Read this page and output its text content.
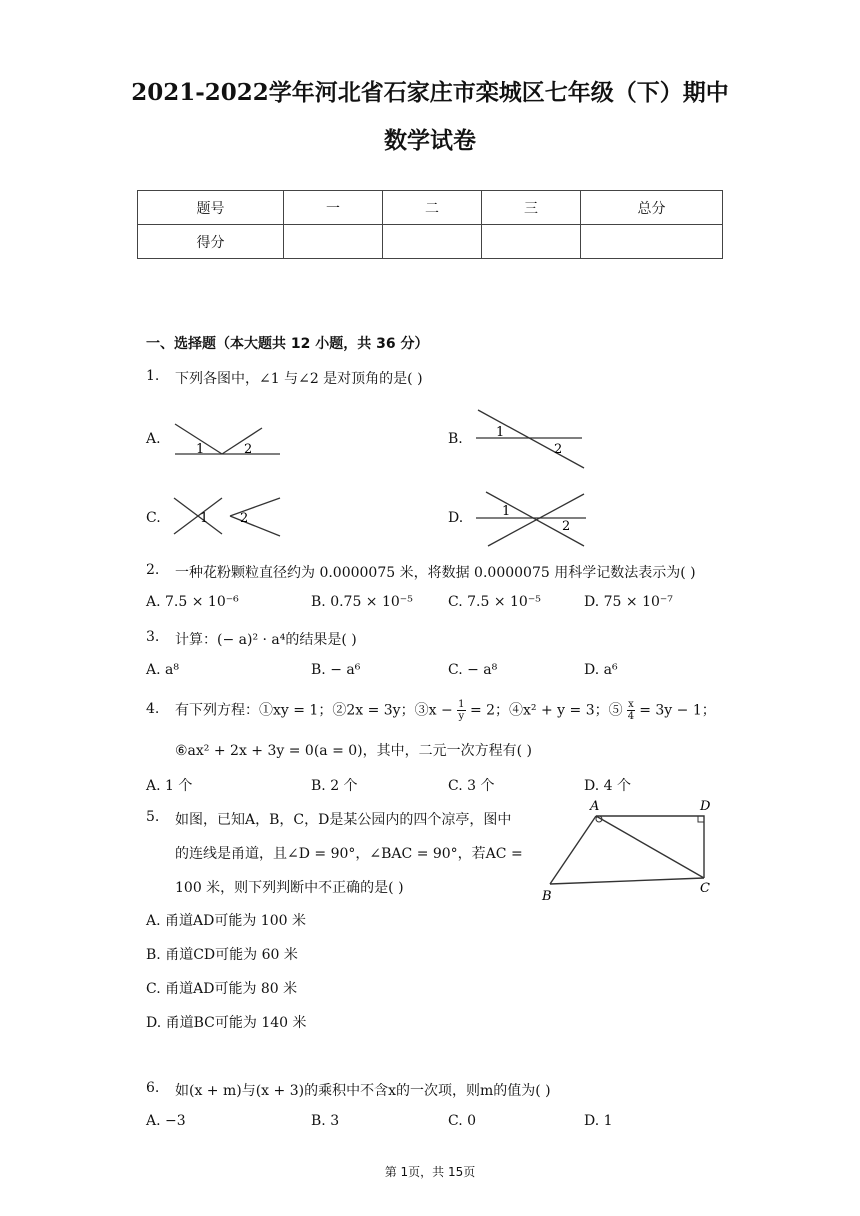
2021-2022学年河北省石家庄市栾城区七年级（下）期中
数学试卷
题号	一	二	三	总分
得分				
一、选择题（本大题共 12 小题，共 36 分）
1. 下列各图中，∠1 与∠2 是对顶角的是( )
A.	B.
C.	D.
1	2
1
2
1 2	1
2
2. 一种花粉颗粒直径约为 0.0000075 米，将数据 0.0000075 用科学记数法表示为( )
A. 7.5 × 10⁻⁶	B. 0.75 × 10⁻⁵	C. 7.5 × 10⁻⁵	D. 75 × 10⁻⁷
3. 计算：(− a)² · a⁴的结果是( )
A. a⁸	B. − a⁶	C. − a⁸	D. a⁶
4. 有下列方程：①xy = 1；②2x = 3y；③x − $\frac{1}{y} = 2$；④x² + y = 3；⑤ $\frac{x}{4} = 3y - 1$；
⑥ax² + 2x + 3y = 0(a = 0)，其中，二元一次方程有( )
A. 1 个	B. 2 个	C. 3 个	D. 4 个
5. 如图，已知A，B，C，D是某公园内的四个凉亭，图中
的连线是甬道，且∠D = 90°，∠BAC = 90°，若AC =
100 米，则下列判断中不正确的是( )
A. 甬道AD可能为 100 米
B. 甬道CD可能为 60 米
C. 甬道AD可能为 80 米
D. 甬道BC可能为 140 米
A	D
B
C
6. 如(x + m)与(x + 3)的乘积中不含x的一次项，则m的值为( )
A. −3	B. 3	C. 0	D. 1
第 1页，共 15页
